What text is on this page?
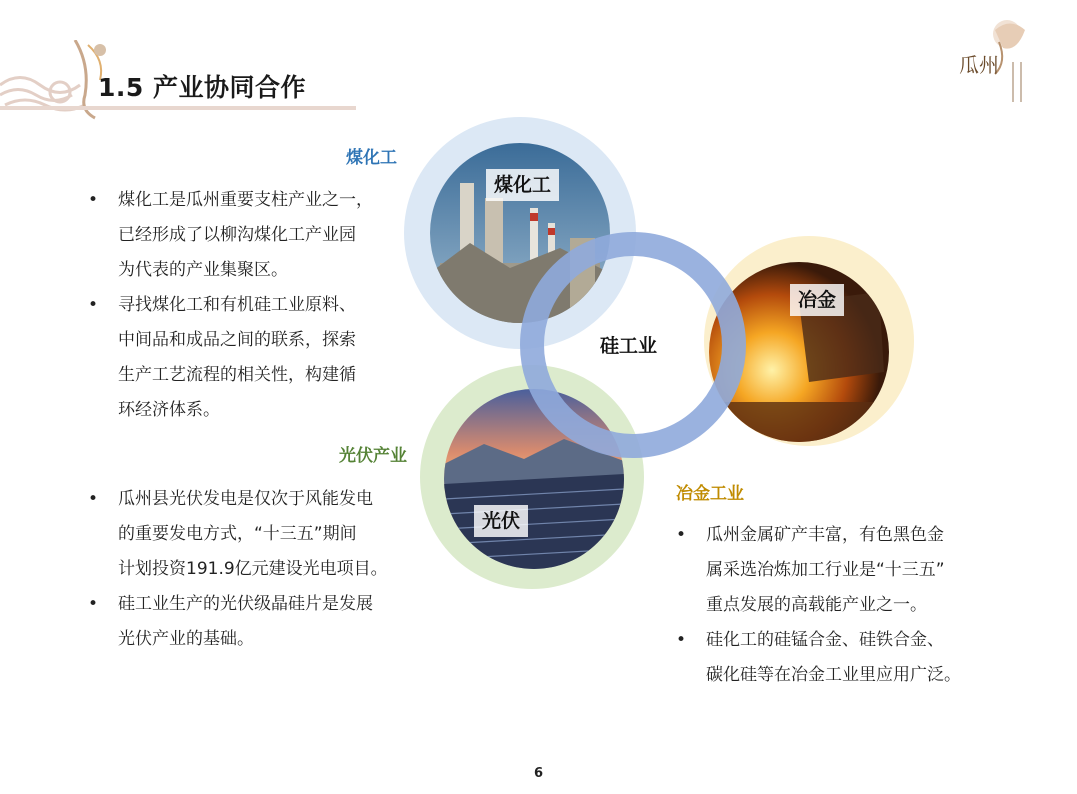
1.5 产业协同合作
瓜州
煤化工
• 煤化工是瓜州重要支柱产业之一，
已经形成了以柳沟煤化工产业园
为代表的产业集聚区。
• 寻找煤化工和有机硅工业原料、
中间品和成品之间的联系，探索
生产工艺流程的相关性，构建循
环经济体系。
光伏产业
• 瓜州县光伏发电是仅次于风能发电
的重要发电方式，“十三五”期间
计划投资191.9亿元建设光电项目。
• 硅工业生产的光伏级晶硅片是发展
光伏产业的基础。
冶金工业
• 瓜州金属矿产丰富，有色黑色金
属采选冶炼加工行业是“十三五”
重点发展的高载能产业之一。
• 硅化工的硅锰合金、硅铁合金、
碳化硅等在冶金工业里应用广泛。
煤化工
冶金
光伏
硅工业
6
